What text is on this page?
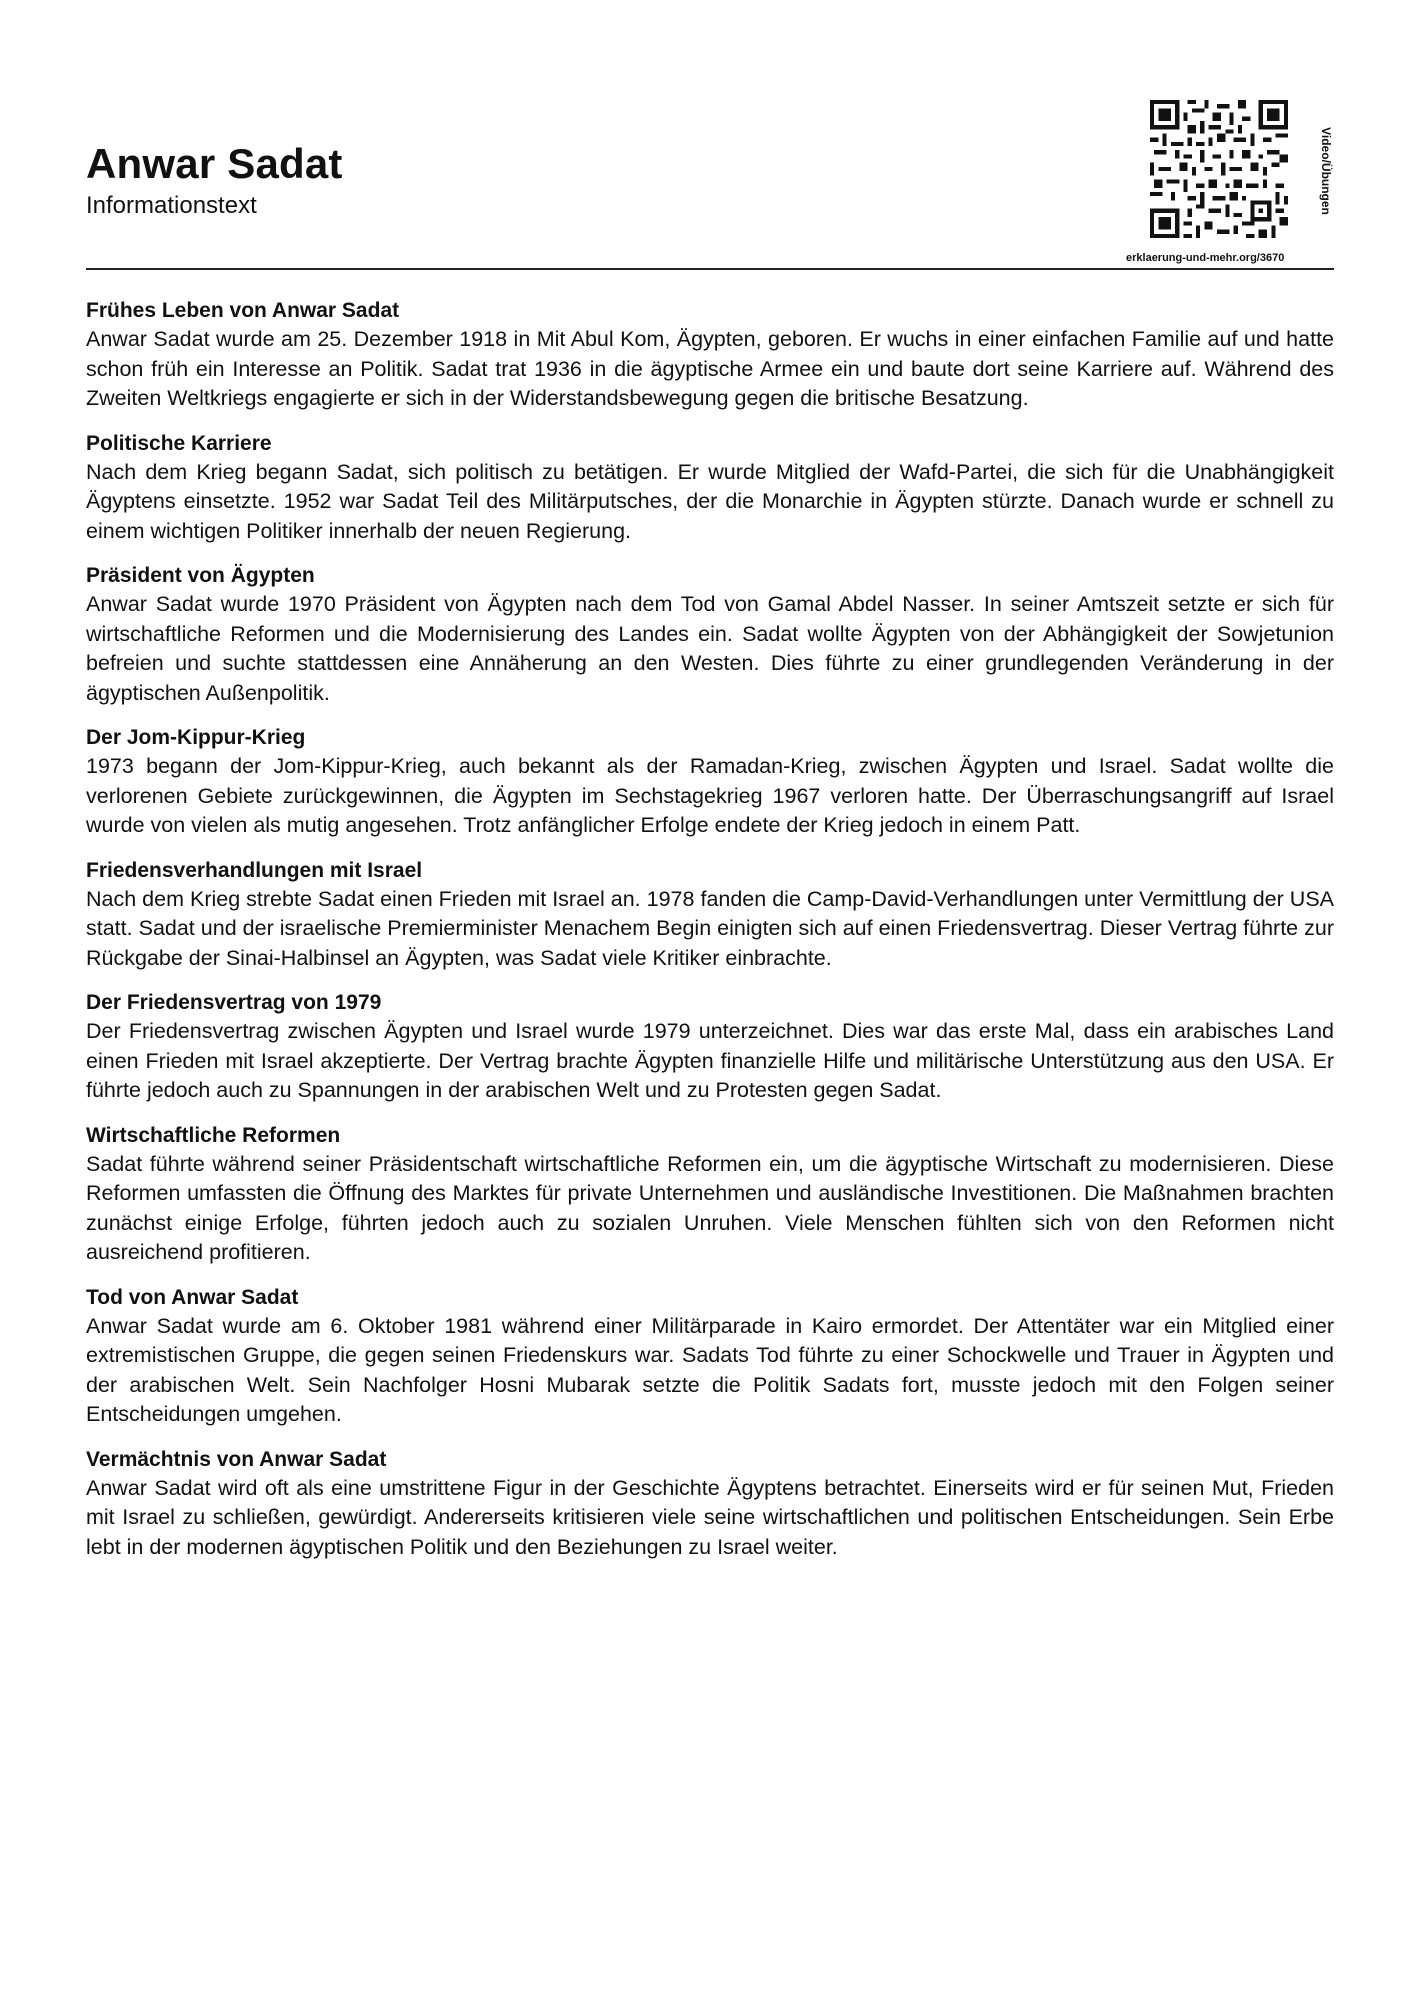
Anwar Sadat

Informationstext	Video/Übungen
erklaerung-und-mehr.org/3670

Frühes Leben von Anwar Sadat

Anwar Sadat wurde am 25. Dezember 1918 in Mit Abul Kom, Ägypten, geboren. Er wuchs in einer einfachen Familie auf und hatte schon früh ein Interesse an Politik. Sadat trat 1936 in die ägyptische Armee ein und baute dort seine Karriere auf. Während des Zweiten Weltkriegs engagierte er sich in der Widerstandsbewegung gegen die britische Besatzung.

Politische Karriere

Nach dem Krieg begann Sadat, sich politisch zu betätigen. Er wurde Mitglied der Wafd-Partei, die sich für die Unabhängigkeit Ägyptens einsetzte. 1952 war Sadat Teil des Militärputsches, der die Monarchie in Ägypten stürzte. Danach wurde er schnell zu einem wichtigen Politiker innerhalb der neuen Regierung.

Präsident von Ägypten

Anwar Sadat wurde 1970 Präsident von Ägypten nach dem Tod von Gamal Abdel Nasser. In seiner Amtszeit setzte er sich für wirtschaftliche Reformen und die Modernisierung des Landes ein. Sadat wollte Ägypten von der Abhängigkeit der Sowjetunion befreien und suchte stattdessen eine Annäherung an den Westen. Dies führte zu einer grundlegenden Veränderung in der ägyptischen Außenpolitik.

Der Jom-Kippur-Krieg

1973 begann der Jom-Kippur-Krieg, auch bekannt als der Ramadan-Krieg, zwischen Ägypten und Israel. Sadat wollte die verlorenen Gebiete zurückgewinnen, die Ägypten im Sechstagekrieg 1967 verloren hatte. Der Überraschungsangriff auf Israel wurde von vielen als mutig angesehen. Trotz anfänglicher Erfolge endete der Krieg jedoch in einem Patt.

Friedensverhandlungen mit Israel

Nach dem Krieg strebte Sadat einen Frieden mit Israel an. 1978 fanden die Camp-David-Verhandlungen unter Vermittlung der USA statt. Sadat und der israelische Premierminister Menachem Begin einigten sich auf einen Friedensvertrag. Dieser Vertrag führte zur Rückgabe der Sinai-Halbinsel an Ägypten, was Sadat viele Kritiker einbrachte.

Der Friedensvertrag von 1979

Der Friedensvertrag zwischen Ägypten und Israel wurde 1979 unterzeichnet. Dies war das erste Mal, dass ein arabisches Land einen Frieden mit Israel akzeptierte. Der Vertrag brachte Ägypten finanzielle Hilfe und militärische Unterstützung aus den USA. Er führte jedoch auch zu Spannungen in der arabischen Welt und zu Protesten gegen Sadat.

Wirtschaftliche Reformen

Sadat führte während seiner Präsidentschaft wirtschaftliche Reformen ein, um die ägyptische Wirtschaft zu modernisieren. Diese Reformen umfassten die Öffnung des Marktes für private Unternehmen und ausländische Investitionen. Die Maßnahmen brachten zunächst einige Erfolge, führten jedoch auch zu sozialen Unruhen. Viele Menschen fühlten sich von den Reformen nicht ausreichend profitieren.

Tod von Anwar Sadat

Anwar Sadat wurde am 6. Oktober 1981 während einer Militärparade in Kairo ermordet. Der Attentäter war ein Mitglied einer extremistischen Gruppe, die gegen seinen Friedenskurs war. Sadats Tod führte zu einer Schockwelle und Trauer in Ägypten und der arabischen Welt. Sein Nachfolger Hosni Mubarak setzte die Politik Sadats fort, musste jedoch mit den Folgen seiner Entscheidungen umgehen.

Vermächtnis von Anwar Sadat

Anwar Sadat wird oft als eine umstrittene Figur in der Geschichte Ägyptens betrachtet. Einerseits wird er für seinen Mut, Frieden mit Israel zu schließen, gewürdigt. Andererseits kritisieren viele seine wirtschaftlichen und politischen Entscheidungen. Sein Erbe lebt in der modernen ägyptischen Politik und den Beziehungen zu Israel weiter.
